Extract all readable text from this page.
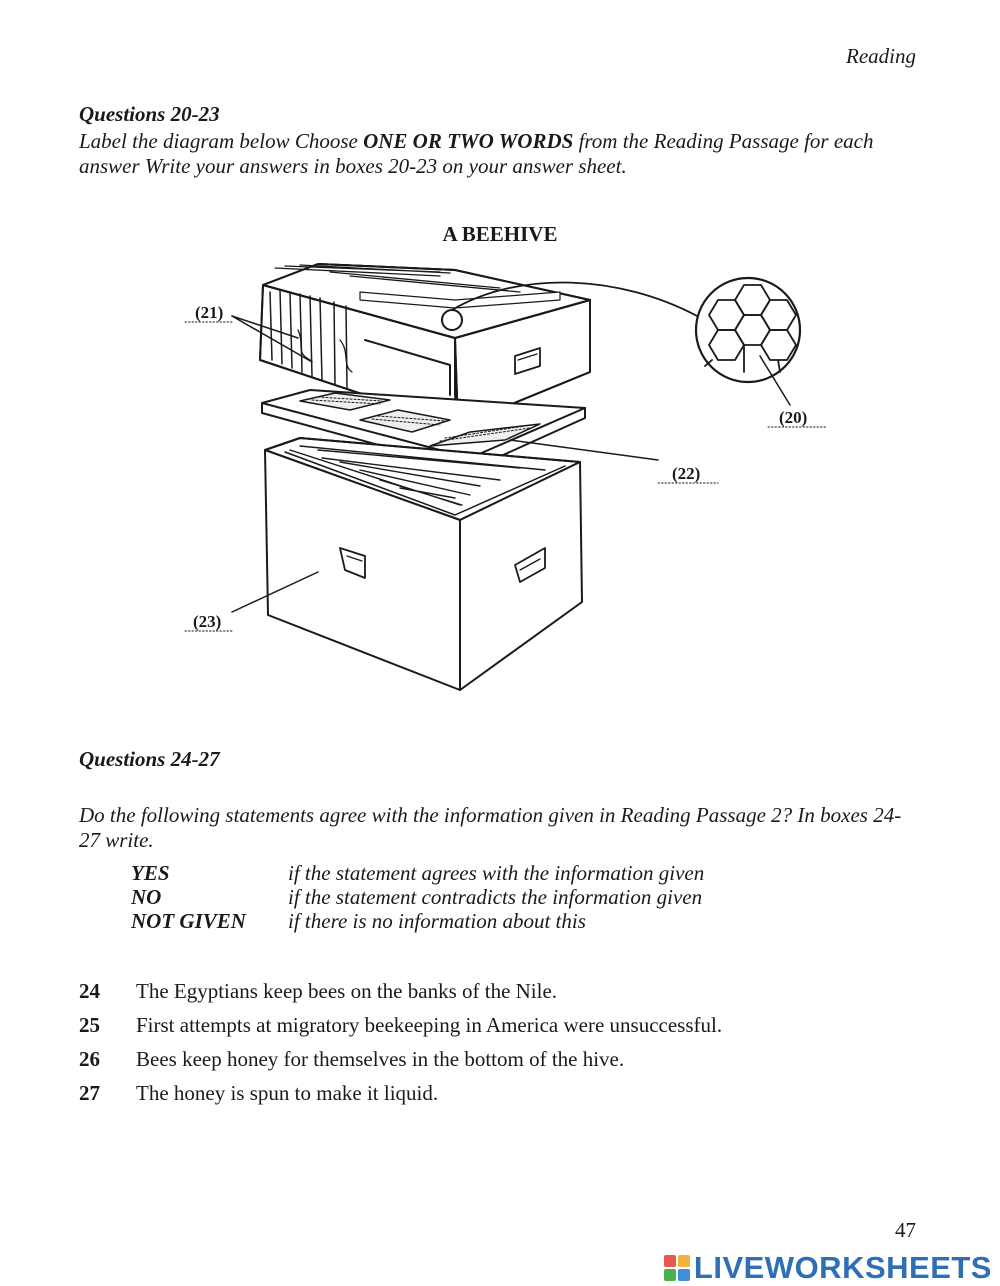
Reading
Questions 20-23
Label the diagram below Choose ONE OR TWO WORDS from the Reading Passage for each answer Write your answers in boxes 20-23 on your answer sheet.
A BEEHIVE
(21)
(20)
(22)
(23)
Questions 24-27
Do the following statements agree with the information given in Reading Passage 2? In boxes 24-27 write.
YES	if the statement agrees with the information given
NO	if the statement contradicts the information given
NOT GIVEN if there is no information about this
24 The Egyptians keep bees on the banks of the Nile.
25 First attempts at migratory beekeeping in America were unsuccessful.
26 Bees keep honey for themselves in the bottom of the hive.
27 The honey is spun to make it liquid.
47
LIVEWORKSHEETS
